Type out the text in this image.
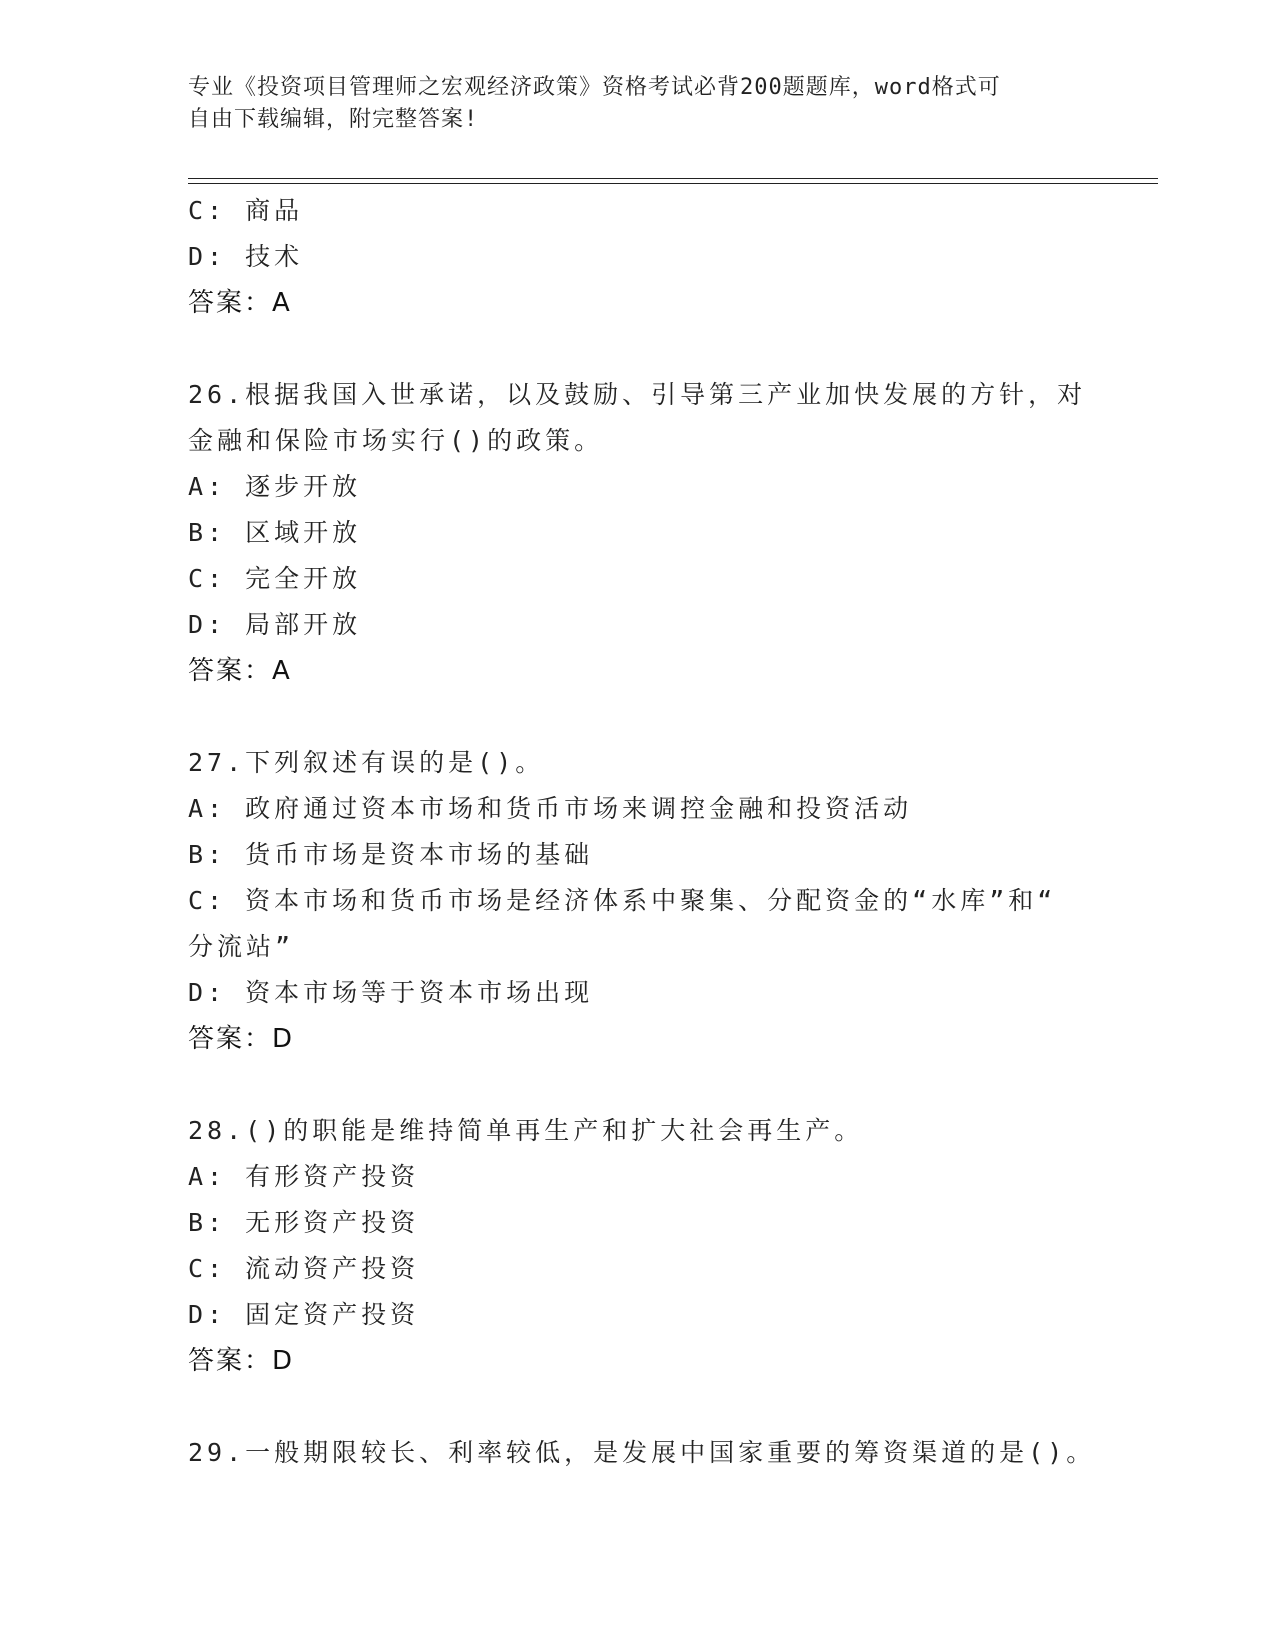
专业《投资项目管理师之宏观经济政策》资格考试必背200题题库，word格式可
自由下载编辑，附完整答案!
C: 商品
D: 技术
答案：A
26.根据我国入世承诺，以及鼓励、引导第三产业加快发展的方针，对
金融和保险市场实行()的政策。
A: 逐步开放
B: 区域开放
C: 完全开放
D: 局部开放
答案：A
27.下列叙述有误的是()。
A: 政府通过资本市场和货币市场来调控金融和投资活动
B: 货币市场是资本市场的基础
C: 资本市场和货币市场是经济体系中聚集、分配资金的“水库”和“
分流站”
D: 资本市场等于资本市场出现
答案：D
28.()的职能是维持简单再生产和扩大社会再生产。
A: 有形资产投资
B: 无形资产投资
C: 流动资产投资
D: 固定资产投资
答案：D
29.一般期限较长、利率较低，是发展中国家重要的筹资渠道的是()。
